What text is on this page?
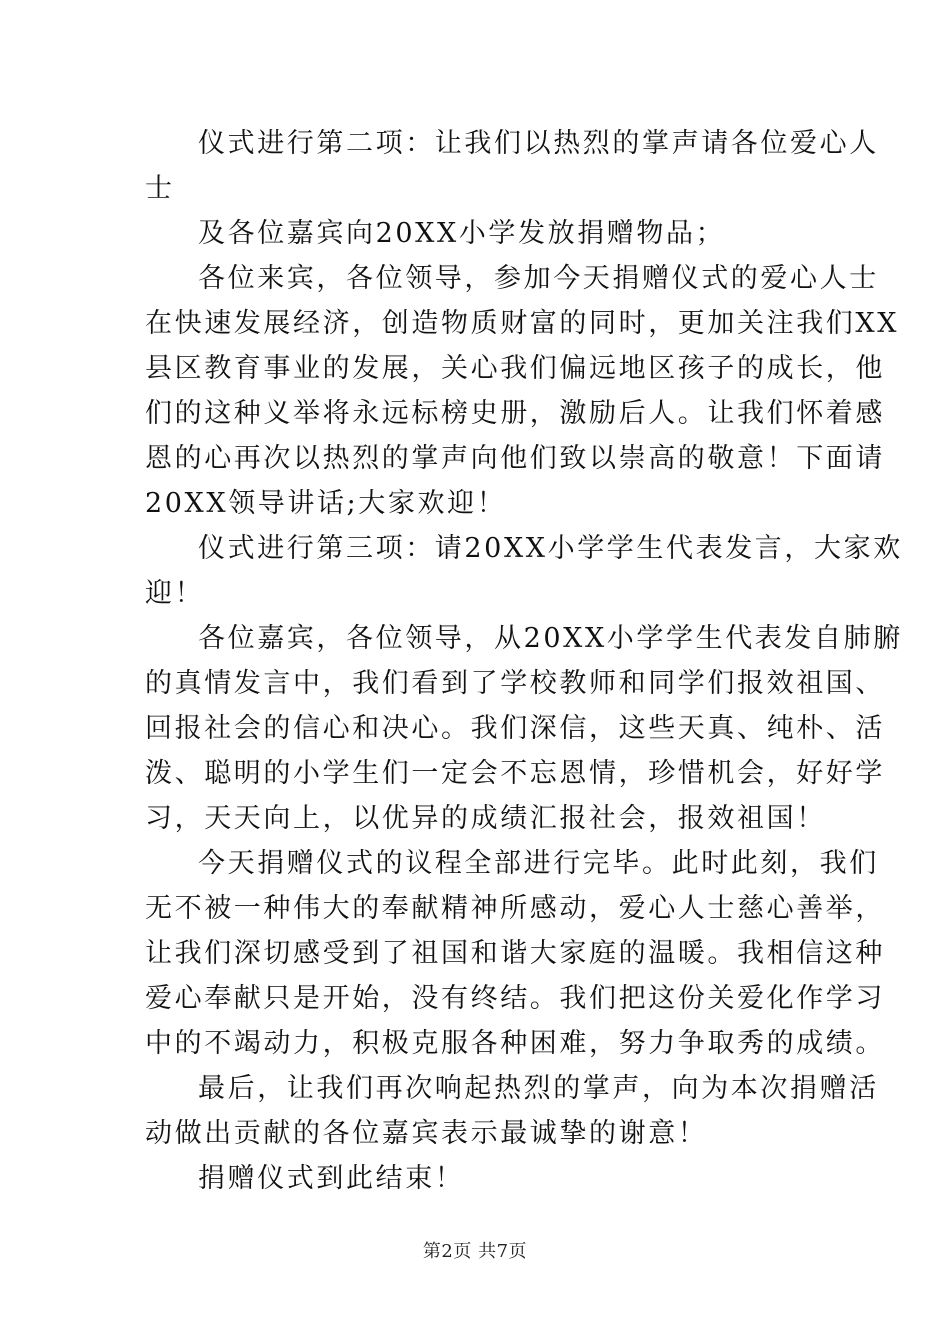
仪式进行第二项：让我们以热烈的掌声请各位爱心人
士
及各位嘉宾向20XX小学发放捐赠物品；
各位来宾，各位领导，参加今天捐赠仪式的爱心人士
在快速发展经济，创造物质财富的同时，更加关注我们XX
县区教育事业的发展，关心我们偏远地区孩子的成长，他
们的这种义举将永远标榜史册，激励后人。让我们怀着感
恩的心再次以热烈的掌声向他们致以崇高的敬意！下面请
20XX领导讲话;大家欢迎！
仪式进行第三项：请20XX小学学生代表发言，大家欢
迎！
各位嘉宾，各位领导，从20XX小学学生代表发自肺腑
的真情发言中，我们看到了学校教师和同学们报效祖国、
回报社会的信心和决心。我们深信，这些天真、纯朴、活
泼、聪明的小学生们一定会不忘恩情，珍惜机会，好好学
习，天天向上，以优异的成绩汇报社会，报效祖国！
今天捐赠仪式的议程全部进行完毕。此时此刻，我们
无不被一种伟大的奉献精神所感动，爱心人士慈心善举，
让我们深切感受到了祖国和谐大家庭的温暖。我相信这种
爱心奉献只是开始，没有终结。我们把这份关爱化作学习
中的不竭动力，积极克服各种困难，努力争取秀的成绩。
最后，让我们再次响起热烈的掌声，向为本次捐赠活
动做出贡献的各位嘉宾表示最诚挚的谢意！
捐赠仪式到此结束！
第2页 共7页
